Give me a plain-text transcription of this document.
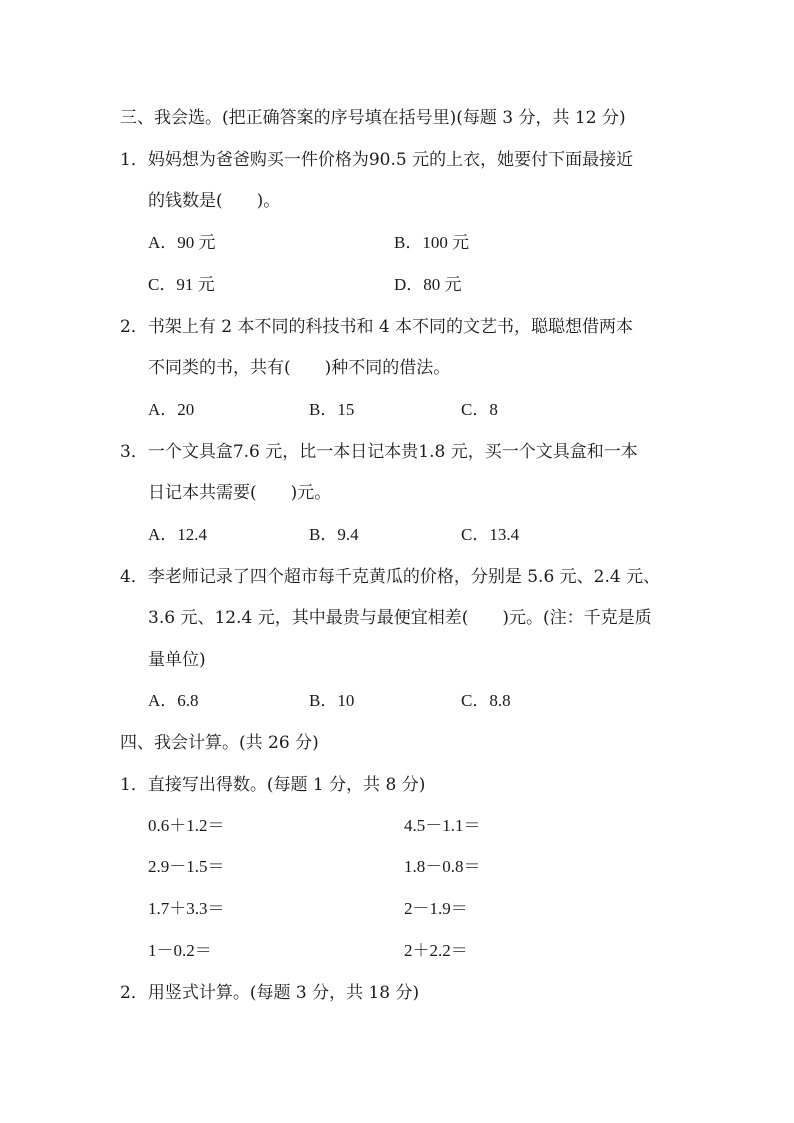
三、我会选。(把正确答案的序号填在括号里)(每题 3 分，共 12 分)
1．妈妈想为爸爸购买一件价格为90.5 元的上衣，她要付下面最接近
的钱数是(　　)。
A．90 元	B．100 元
C．91 元	D．80 元
2．书架上有 2 本不同的科技书和 4 本不同的文艺书，聪聪想借两本
不同类的书，共有(　　)种不同的借法。
A．20	B．15	C．8
3．一个文具盒7.6 元，比一本日记本贵1.8 元，买一个文具盒和一本
日记本共需要(　　)元。
A．12.4	B．9.4	C．13.4
4．李老师记录了四个超市每千克黄瓜的价格，分别是 5.6 元、2.4 元、
3.6 元、12.4 元，其中最贵与最便宜相差(　　)元。(注：千克是质
量单位)
A．6.8	B．10	C．8.8
四、我会计算。(共 26 分)
1．直接写出得数。(每题 1 分，共 8 分)
0.6＋1.2＝	4.5－1.1＝
2.9－1.5＝	1.8－0.8＝
1.7＋3.3＝	2－1.9＝
1－0.2＝	2＋2.2＝
2．用竖式计算。(每题 3 分，共 18 分)
